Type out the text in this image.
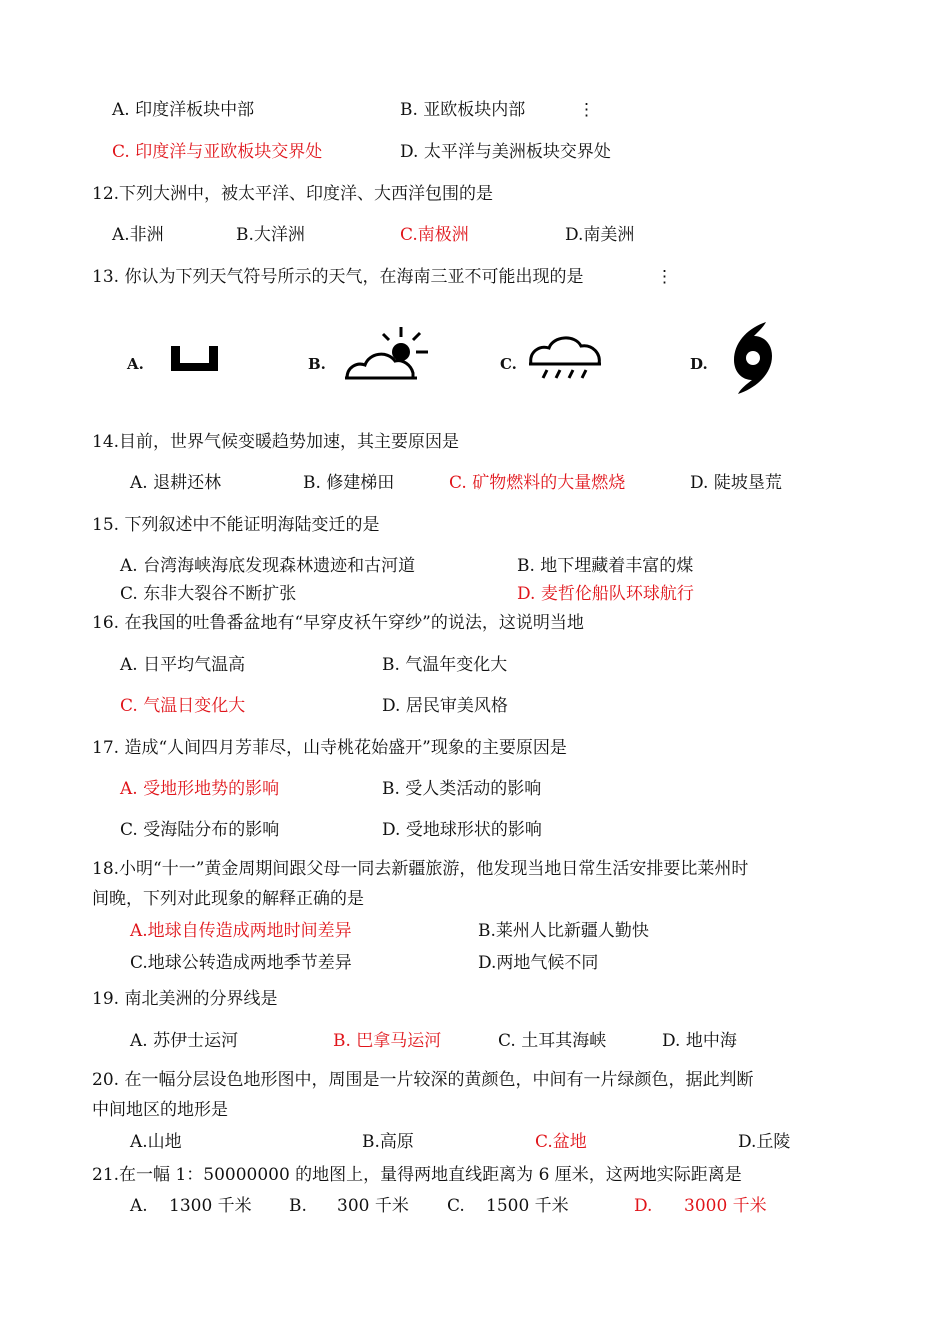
A. 印度洋板块中部	B. 亚欧板块内部	⋮
C. 印度洋与亚欧板块交界处	D. 太平洋与美洲板块交界处
12.下列大洲中，被太平洋、印度洋、大西洋包围的是
A.非洲	B.大洋洲	C.南极洲	D.南美洲
13. 你认为下列天气符号所示的天气，在海南三亚不可能出现的是	⋮
A.	B.	C.	D.
14.目前，世界气候变暖趋势加速，其主要原因是
A. 退耕还林	B. 修建梯田	C. 矿物燃料的大量燃烧	D. 陡坡垦荒
15. 下列叙述中不能证明海陆变迁的是
A. 台湾海峡海底发现森林遗迹和古河道	B. 地下埋藏着丰富的煤
C. 东非大裂谷不断扩张	D. 麦哲伦船队环球航行
16. 在我国的吐鲁番盆地有“早穿皮袄午穿纱”的说法，这说明当地
A. 日平均气温高	B. 气温年变化大
C. 气温日变化大	D. 居民审美风格
17. 造成“人间四月芳菲尽，山寺桃花始盛开”现象的主要原因是
A. 受地形地势的影响	B. 受人类活动的影响
C. 受海陆分布的影响	D. 受地球形状的影响
18.小明“十一”黄金周期间跟父母一同去新疆旅游，他发现当地日常生活安排要比莱州时
间晚，下列对此现象的解释正确的是
A.地球自传造成两地时间差异	B.莱州人比新疆人勤快
C.地球公转造成两地季节差异	D.两地气候不同
19. 南北美洲的分界线是
A. 苏伊士运河	B. 巴拿马运河	C. 土耳其海峡	D. 地中海
20. 在一幅分层设色地形图中，周围是一片较深的黄颜色，中间有一片绿颜色，据此判断
中间地区的地形是
A.山地	B.高原	C.盆地	D.丘陵
21.在一幅 1：50000000 的地图上，量得两地直线距离为 6 厘米，这两地实际距离是
A. 1300 千米 B. 300 千米 C. 1500 千米	D. 3000 千米
